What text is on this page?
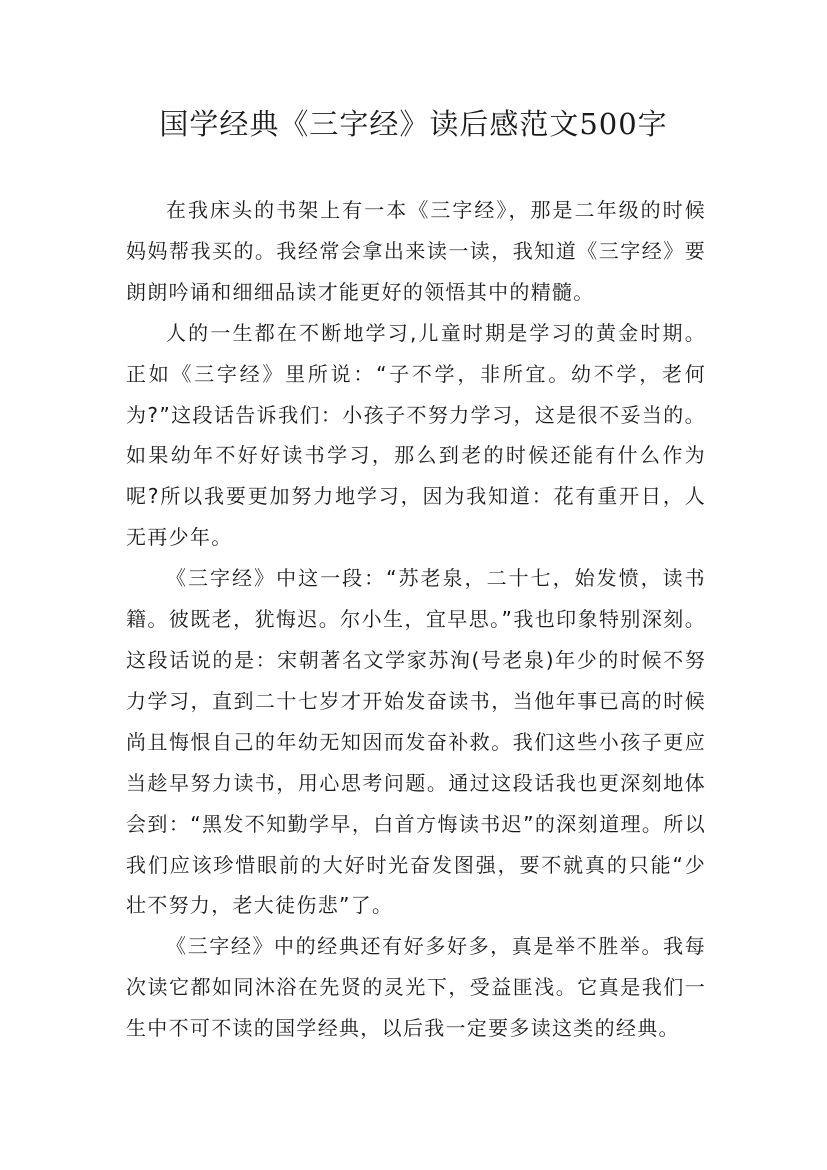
国学经典《三字经》读后感范文500字

在我床头的书架上有一本《三字经》，那是二年级的时候妈妈帮我买的。我经常会拿出来读一读，我知道《三字经》要朗朗吟诵和细细品读才能更好的领悟其中的精髓。

人的一生都在不断地学习,儿童时期是学习的黄金时期。正如《三字经》里所说：“子不学，非所宜。幼不学，老何为?”这段话告诉我们：小孩子不努力学习，这是很不妥当的。如果幼年不好好读书学习，那么到老的时候还能有什么作为呢?所以我要更加努力地学习，因为我知道：花有重开日，人无再少年。

《三字经》中这一段：“苏老泉，二十七，始发愤，读书籍。彼既老，犹悔迟。尔小生，宜早思。”我也印象特别深刻。这段话说的是：宋朝著名文学家苏洵(号老泉)年少的时候不努力学习，直到二十七岁才开始发奋读书，当他年事已高的时候尚且悔恨自己的年幼无知因而发奋补救。我们这些小孩子更应当趁早努力读书，用心思考问题。通过这段话我也更深刻地体会到：“黑发不知勤学早，白首方悔读书迟”的深刻道理。所以我们应该珍惜眼前的大好时光奋发图强，要不就真的只能“少壮不努力，老大徒伤悲”了。

《三字经》中的经典还有好多好多，真是举不胜举。我每次读它都如同沐浴在先贤的灵光下，受益匪浅。它真是我们一生中不可不读的国学经典，以后我一定要多读这类的经典。
